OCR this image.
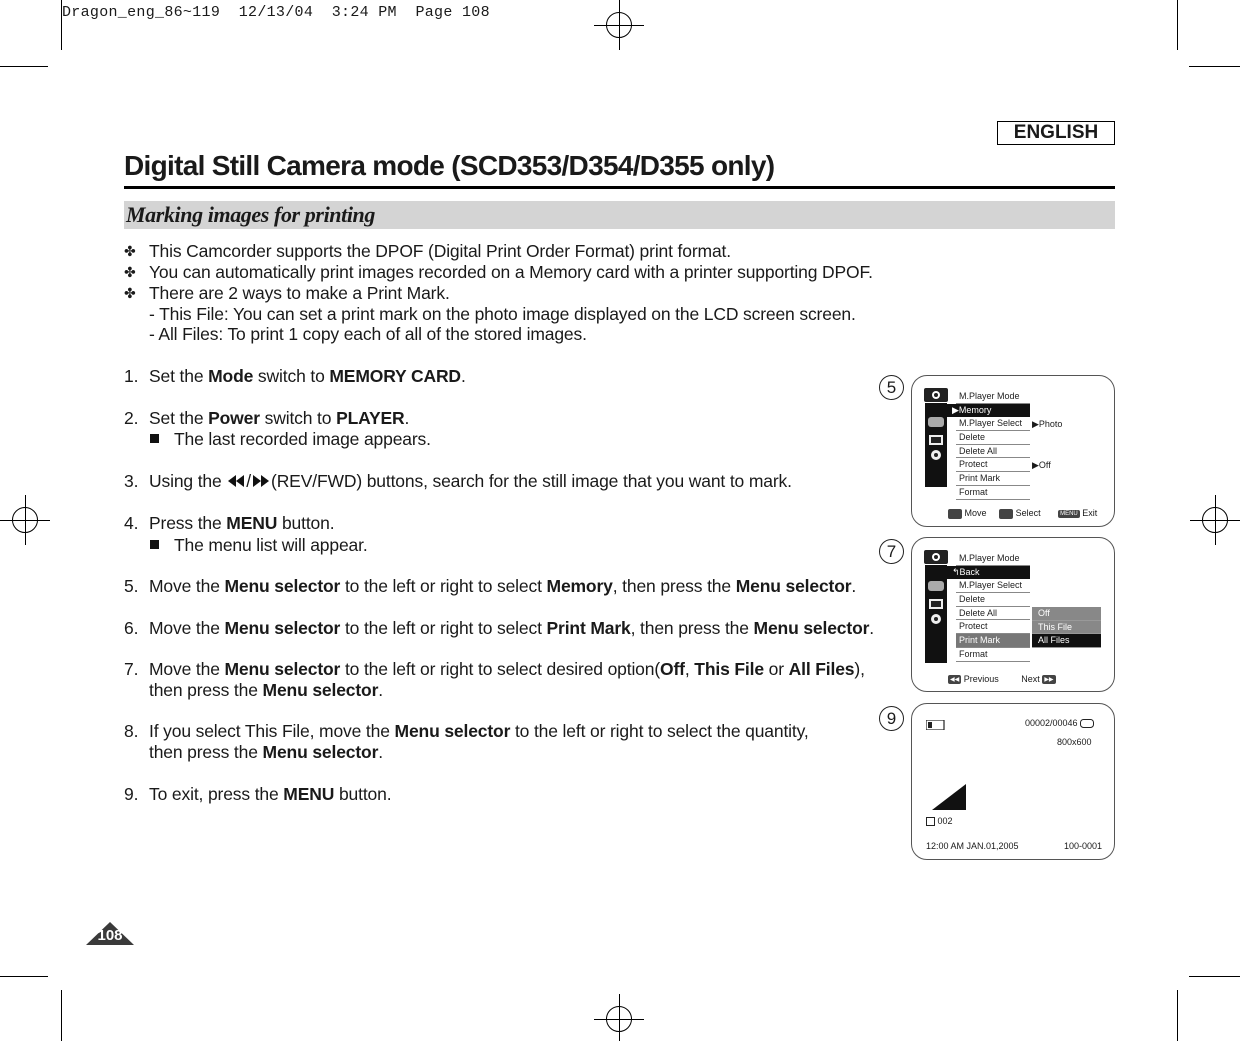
Dragon_eng_86~119  12/13/04  3:24 PM  Page 108
ENGLISH
Digital Still Camera mode (SCD353/D354/D355 only)
Marking images for printing
✤ This Camcorder supports the DPOF (Digital Print Order Format) print format.
✤ You can automatically print images recorded on a Memory card with a printer supporting DPOF.
✤ There are 2 ways to make a Print Mark.
- This File: You can set a print mark on the photo image displayed on the LCD screen screen.
- All Files: To print 1 copy each of all of the stored images.
1. Set the Mode switch to MEMORY CARD.
2. Set the Power switch to PLAYER.
The last recorded image appears.
3. Using the / (REV/FWD) buttons, search for the still image that you want to mark.
4. Press the MENU button.
The menu list will appear.
5. Move the Menu selector to the left or right to select Memory, then press the Menu selector.
6. Move the Menu selector to the left or right to select Print Mark, then press the Menu selector.
7. Move the Menu selector to the left or right to select desired option(Off, This File or All Files),
then press the Menu selector.
8. If you select This File, move the Menu selector to the left or right to select the quantity,
then press the Menu selector.
9. To exit, press the MENU button.
5	M.Player Mode
▶Memory
M.Player Select
Delete
Delete All
Protect
Print Mark
Format
▶Photo
▶Off
Move	Select	MENU Exit
7	M.Player Mode
↰Back
M.Player Select
Delete
Delete All
Protect
Print Mark
Format
Off
This File
All Files
◀◀ Previous	Next ▶▶
9	00002/00046
800x600
002
12:00 AM JAN.01,2005	100-0001
108
